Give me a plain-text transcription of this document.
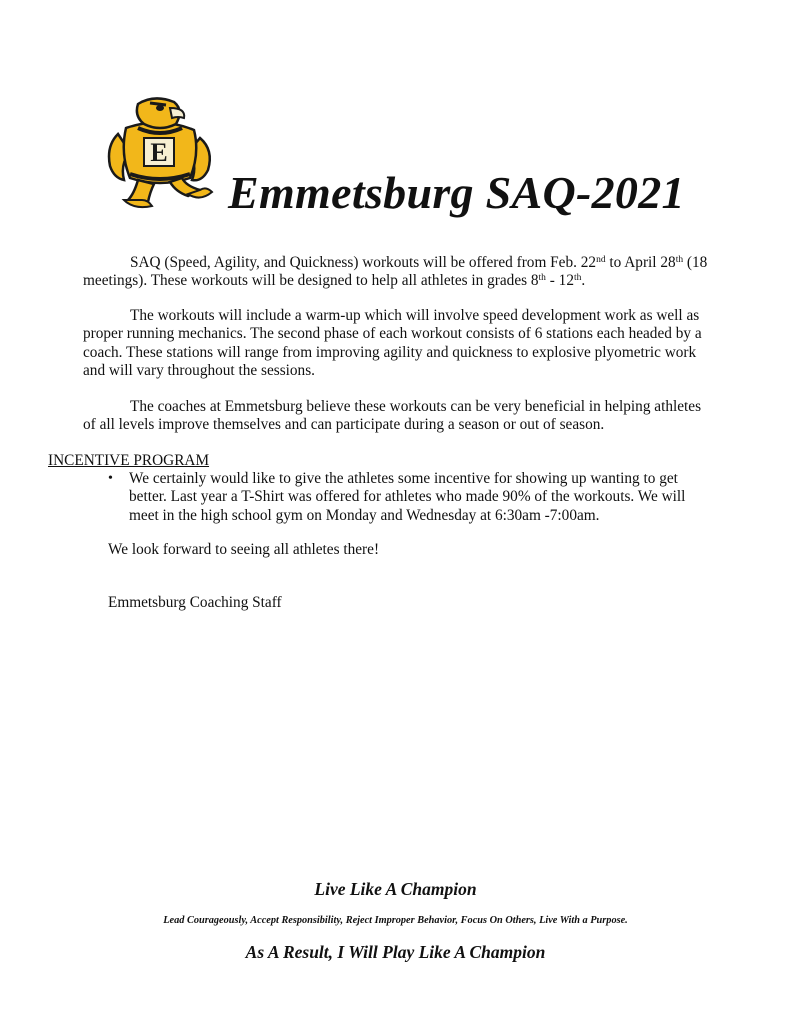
E
Emmetsburg SAQ-2021

SAQ (Speed, Agility, and Quickness) workouts will be offered from Feb. 22nd to April 28th (18 meetings). These workouts will be designed to help all athletes in grades 8th - 12th.

The workouts will include a warm-up which will involve speed development work as well as proper running mechanics. The second phase of each workout consists of 6 stations each headed by a coach. These stations will range from improving agility and quickness to explosive plyometric work and will vary throughout the sessions.

The coaches at Emmetsburg believe these workouts can be very beneficial in helping athletes of all levels improve themselves and can participate during a season or out of season.

INCENTIVE PROGRAM

• We certainly would like to give the athletes some incentive for showing up wanting to get better. Last year a T-Shirt was offered for athletes who made 90% of the workouts. We will meet in the high school gym on Monday and Wednesday at 6:30am -7:00am.

We look forward to seeing all athletes there!

Emmetsburg Coaching Staff

Live Like A Champion

Lead Courageously, Accept Responsibility, Reject Improper Behavior, Focus On Others, Live With a Purpose.

As A Result, I Will Play Like A Champion
